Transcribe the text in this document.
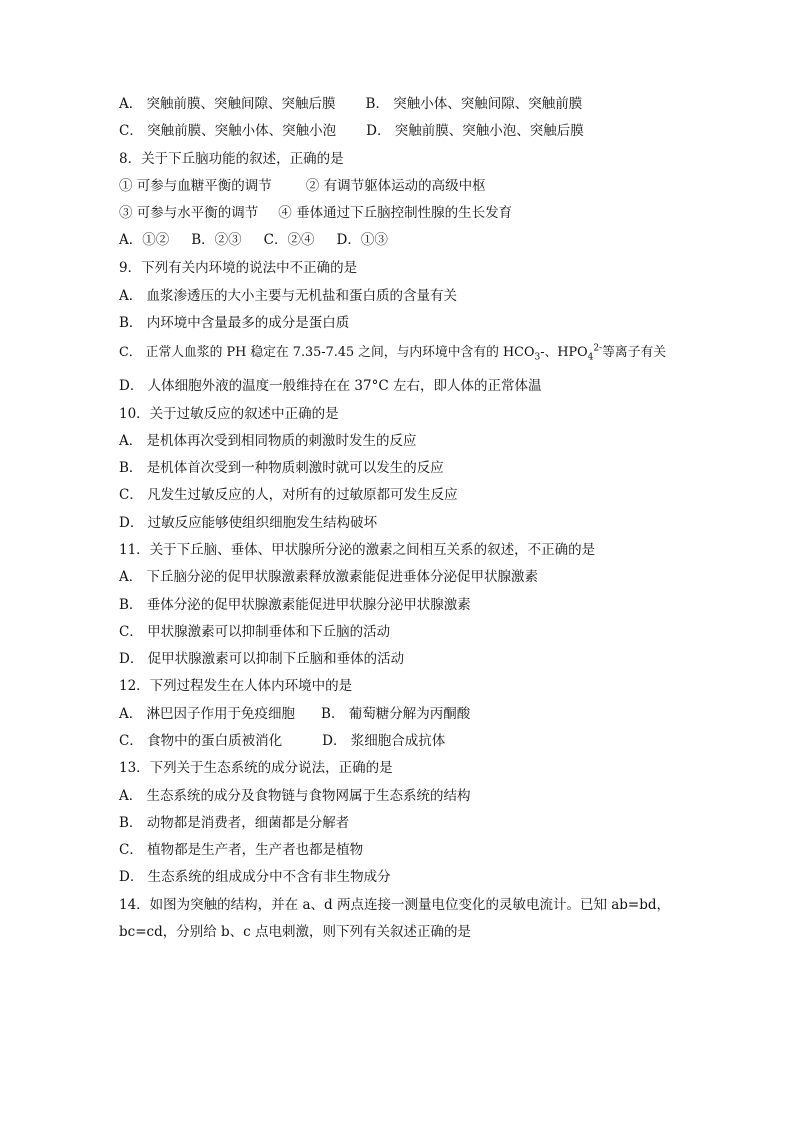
A． 突触前膜、突触间隙、突触后膜 B． 突触小体、突触间隙、突触前膜
C． 突触前膜、突触小体、突触小泡 D． 突触前膜、突触小泡、突触后膜
8．关于下丘脑功能的叙述，正确的是
① 可参与血糖平衡的调节	② 有调节躯体运动的高级中枢
③ 可参与水平衡的调节 ④ 垂体通过下丘脑控制性腺的生长发育
A．①② B．②③ C．②④ D．①③
9．下列有关内环境的说法中不正确的是
A． 血浆渗透压的大小主要与无机盐和蛋白质的含量有关
B． 内环境中含量最多的成分是蛋白质
C． 正常人血浆的 PH 稳定在 7.35-7.45 之间，与内环境中含有的 $HCO_3-$、$HPO_4^{2-}$等离子有关
D． 人体细胞外液的温度一般维持在在 37°C 左右，即人体的正常体温
10．关于过敏反应的叙述中正确的是
A． 是机体再次受到相同物质的刺激时发生的反应
B． 是机体首次受到一种物质刺激时就可以发生的反应
C． 凡发生过敏反应的人，对所有的过敏原都可发生反应
D． 过敏反应能够使组织细胞发生结构破坏
11．关于下丘脑、垂体、甲状腺所分泌的激素之间相互关系的叙述，不正确的是
A． 下丘脑分泌的促甲状腺激素释放激素能促进垂体分泌促甲状腺激素
B． 垂体分泌的促甲状腺激素能促进甲状腺分泌甲状腺激素
C． 甲状腺激素可以抑制垂体和下丘脑的活动
D． 促甲状腺激素可以抑制下丘脑和垂体的活动
12．下列过程发生在人体内环境中的是
A． 淋巴因子作用于免疫细胞 B． 葡萄糖分解为丙酮酸
C． 食物中的蛋白质被消化	D． 浆细胞合成抗体
13．下列关于生态系统的成分说法，正确的是
A． 生态系统的成分及食物链与食物网属于生态系统的结构
B． 动物都是消费者，细菌都是分解者
C． 植物都是生产者，生产者也都是植物
D． 生态系统的组成成分中不含有非生物成分
14．如图为突触的结构，并在 a、d 两点连接一测量电位变化的灵敏电流计。已知 ab=bd，
bc=cd，分别给 b、c 点电刺激，则下列有关叙述正确的是
